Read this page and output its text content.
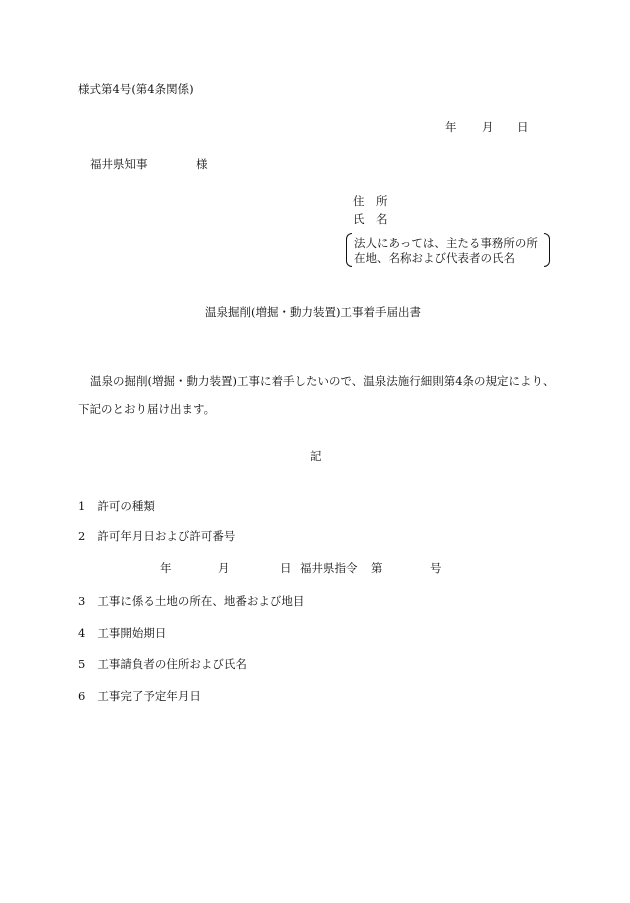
様式第4号(第4条関係)
年 月 日
福井県知事	様
住　所
氏　名
法人にあっては、主たる事務所の所
在地、名称および代表者の氏名
温泉掘削(増掘・動力装置)工事着手届出書
温泉の掘削(増掘・動力装置)工事に着手したいので、温泉法施行細則第4条の規定により、
下記のとおり届け出ます。
記
1 許可の種類
2 許可年月日および許可番号
年	月	日 福井県指令 第	号
3 工事に係る土地の所在、地番および地目
4 工事開始期日
5 工事請負者の住所および氏名
6 工事完了予定年月日
